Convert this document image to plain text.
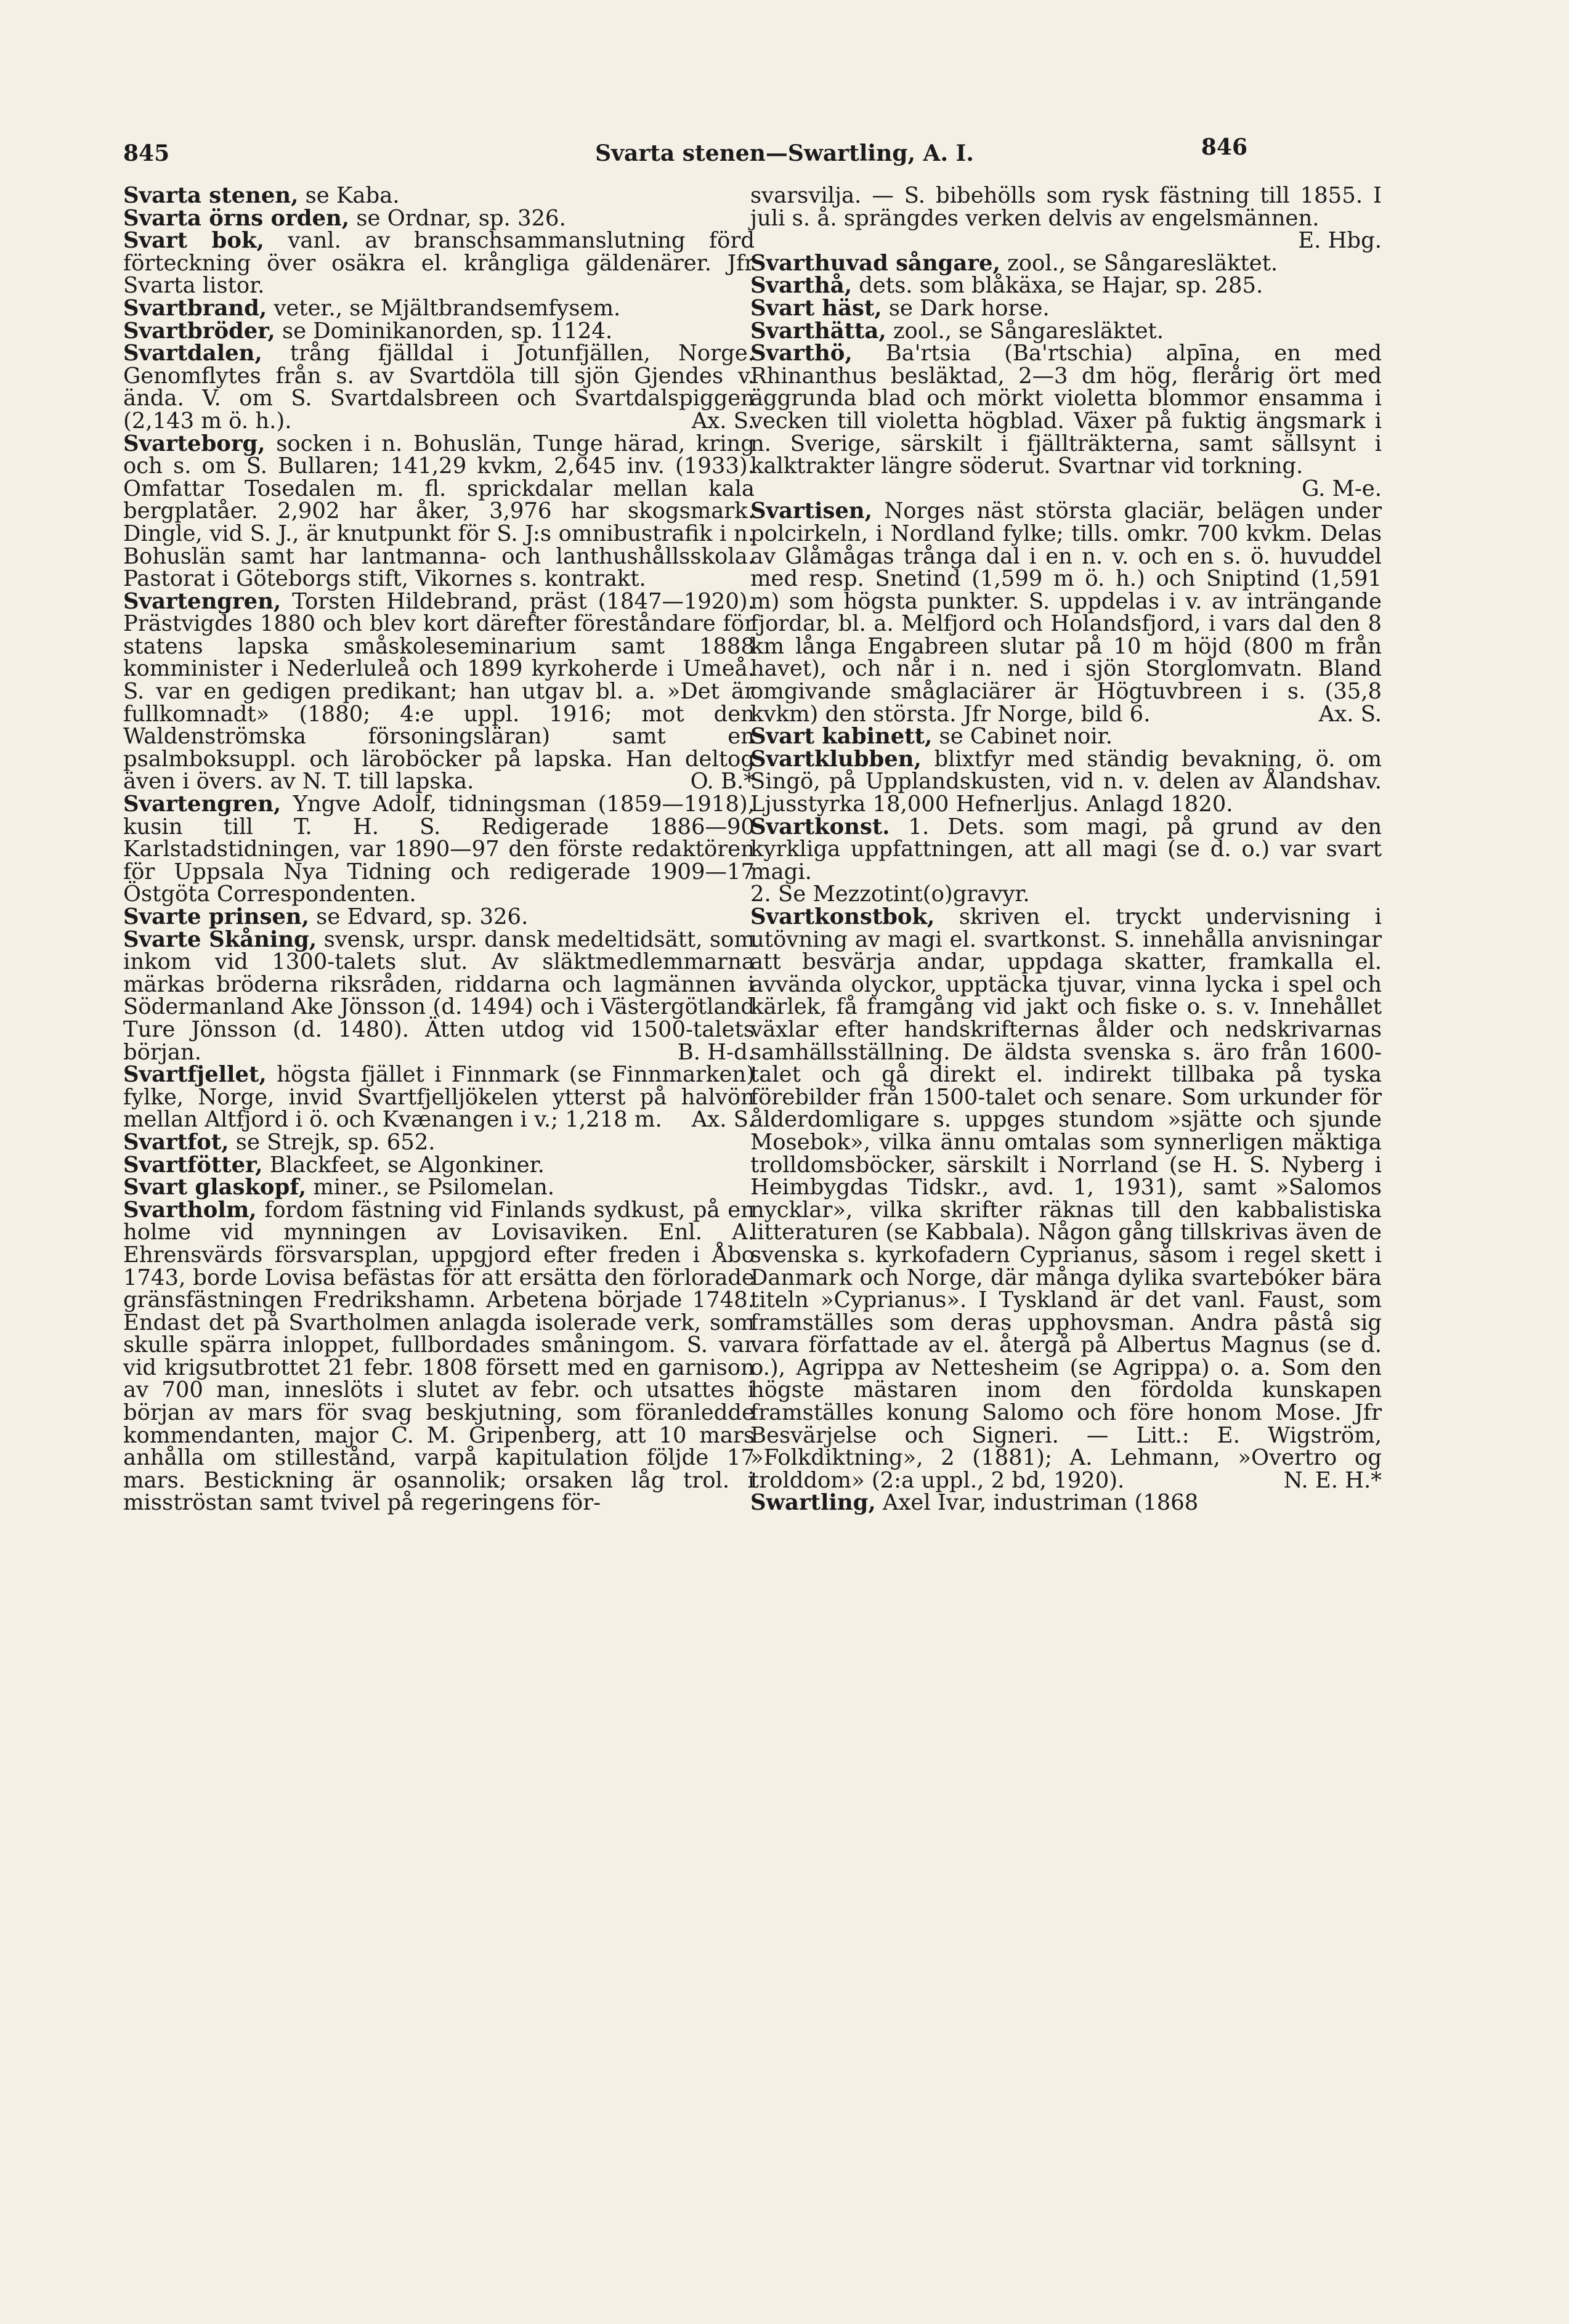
845	Svarta stenen—Swartling, A. I.	846

Svarta stenen, se Kaba.

Svarta örns orden, se Ordnar, sp. 326.

Svart bok, vanl. av branschsammanslutning förd förteckning över osäkra el. krångliga gäldenärer. Jfr Svarta listor.

Svartbrand, veter., se Mjältbrandsemfysem.

Svartbröder, se Dominikanorden, sp. 1124.

Svartdalen, trång fjälldal i Jotunfjällen, Norge. Genomflytes från s. av Svartdöla till sjön Gjendes v. ända. V. om S. Svartdalsbreen och Svartdalspiggen (2,143 m ö. h.).	Ax. S.

Svarteborg, socken i n. Bohuslän, Tunge härad, kring och s. om S. Bullaren; 141,29 kvkm, 2,645 inv. (1933). Omfattar Tosedalen m. fl. sprickdalar mellan kala bergplatåer. 2,902 har åker, 3,976 har skogsmark. Dingle, vid S. J., är knutpunkt för S. J:s omnibustrafik i n. Bohuslän samt har lantmanna- och lanthushållsskola. Pastorat i Göteborgs stift, Vikornes s. kontrakt.

Svartengren, Torsten Hildebrand, präst (1847—1920). Prästvigdes 1880 och blev kort därefter föreståndare för statens lapska småskoleseminarium samt 1888 komminister i Nederluleå och 1899 kyrkoherde i Umeå. S. var en gedigen predikant; han utgav bl. a. »Det är fullkomnadt» (1880; 4:e uppl. 1916; mot den Waldenströmska försoningsläran) samt en psalmboksuppl. och läroböcker på lapska. Han deltog även i övers. av N. T. till lapska.	O. B.*

Svartengren, Yngve Adolf, tidningsman (1859—1918), kusin till T. H. S. Redigerade 1886—90 Karlstadstidningen, var 1890—97 den förste redaktören för Uppsala Nya Tidning och redigerade 1909—17 Östgöta Correspondenten.

Svarte prinsen, se Edvard, sp. 326.

Svarte Skåning, svensk, urspr. dansk medeltidsätt, som inkom vid 1300-talets slut. Av släktmedlemmarna märkas bröderna riksråden, riddarna och lagmännen i Södermanland Ake Jönsson (d. 1494) och i Västergötland Ture Jönsson (d. 1480). Ätten utdog vid 1500-talets början.	B. H-d.

Svartfjellet, högsta fjället i Finnmark (se Finnmarken) fylke, Norge, invid Svartfjelljökelen ytterst på halvön mellan Altfjord i ö. och Kvænangen i v.; 1,218 m. Ax. S.

Svartfot, se Strejk, sp. 652.

Svartfötter, Blackfeet, se Algonkiner.

Svart glaskopf, miner., se Psilomelan.

Svartholm, fordom fästning vid Finlands sydkust, på en holme vid mynningen av Lovisaviken. Enl. A. Ehrensvärds försvarsplan, uppgjord efter freden i Åbo 1743, borde Lovisa befästas för att ersätta den förlorade gränsfästningen Fredrikshamn. Arbetena började 1748. Endast det på Svartholmen anlagda isolerade verk, som skulle spärra inloppet, fullbordades småningom. S. var vid krigsutbrottet 21 febr. 1808 försett med en garnison av 700 man, inneslöts i slutet av febr. och utsattes i början av mars för svag beskjutning, som föranledde kommendanten, major C. M. Gripenberg, att 10 mars anhålla om stillestånd, varpå kapitulation följde 17 mars. Bestickning är osannolik; orsaken låg trol. i misströstan samt tvivel på regeringens för-

svarsvilja. — S. bibehölls som rysk fästning till 1855. I juli s. å. sprängdes verken delvis av engelsmännen.
E. Hbg.

Svarthuvad sångare, zool., se Sångaresläktet.

Svarthå, dets. som blåkäxa, se Hajar, sp. 285.

Svart häst, se Dark horse.

Svarthätta, zool., se Sångaresläktet.

Svarthö, Ba'rtsia (Ba'rtschia) alpīna, en med Rhinanthus besläktad, 2—3 dm hög, flerårig ört med äggrunda blad och mörkt violetta blommor ensamma i vecken till violetta högblad. Växer på fuktig ängsmark i n. Sverige, särskilt i fjällträkterna, samt sällsynt i kalktrakter längre söderut. Svartnar vid torkning.
G. M-e.

Svartisen, Norges näst största glaciär, belägen under polcirkeln, i Nordland fylke; tills. omkr. 700 kvkm. Delas av Glåmågas trånga dal i en n. v. och en s. ö. huvuddel med resp. Snetind (1,599 m ö. h.) och Sniptind (1,591 m) som högsta punkter. S. uppdelas i v. av inträngande fjordar, bl. a. Melfjord och Holandsfjord, i vars dal den 8 km långa Engabreen slutar på 10 m höjd (800 m från havet), och når i n. ned i sjön Storglomvatn. Bland omgivande småglaciärer är Högtuvbreen i s. (35,8 kvkm) den största. Jfr Norge, bild 6.	Ax. S.

Svart kabinett, se Cabinet noir.

Svartklubben, blixtfyr med ständig bevakning, ö. om Singö, på Upplandskusten, vid n. v. delen av Ålandshav. Ljusstyrka 18,000 Hefnerljus. Anlagd 1820.

Svartkonst. 1. Dets. som magi, på grund av den kyrkliga uppfattningen, att all magi (se d. o.) var svart magi.

2. Se Mezzotint(o)gravyr.

Svartkonstbok, skriven el. tryckt undervisning i utövning av magi el. svartkonst. S. innehålla anvisningar att besvärja andar, uppdaga skatter, framkalla el. avvända olyckor, upptäcka tjuvar, vinna lycka i spel och kärlek, få framgång vid jakt och fiske o. s. v. Innehållet växlar efter handskrifternas ålder och nedskrivarnas samhällsställning. De äldsta svenska s. äro från 1600-talet och gå direkt el. indirekt tillbaka på tyska förebilder från 1500-talet och senare. Som urkunder för ålderdomligare s. uppges stundom »sjätte och sjunde Mosebok», vilka ännu omtalas som synnerligen mäktiga trolldomsböcker, särskilt i Norrland (se H. S. Nyberg i Heimbygdas Tidskr., avd. 1, 1931), samt »Salomos nycklar», vilka skrifter räknas till den kabbalistiska litteraturen (se Kabbala). Någon gång tillskrivas även de svenska s. kyrkofadern Cyprianus, såsom i regel skett i Danmark och Norge, där många dylika svartebóker bära titeln »Cyprianus». I Tyskland är det vanl. Faust, som framställes som deras upphovsman. Andra påstå sig vara författade av el. återgå på Albertus Magnus (se d. o.), Agrippa av Nettesheim (se Agrippa) o. a. Som den högste mästaren inom den fördolda kunskapen framställes konung Salomo och före honom Mose. Jfr Besvärjelse och Signeri. — Litt.: E. Wigström, »Folkdiktning», 2 (1881); A. Lehmann, »Overtro og trolddom» (2:a uppl., 2 bd, 1920).	N. E. H.*

Swartling, Axel Ivar, industriman (1868
